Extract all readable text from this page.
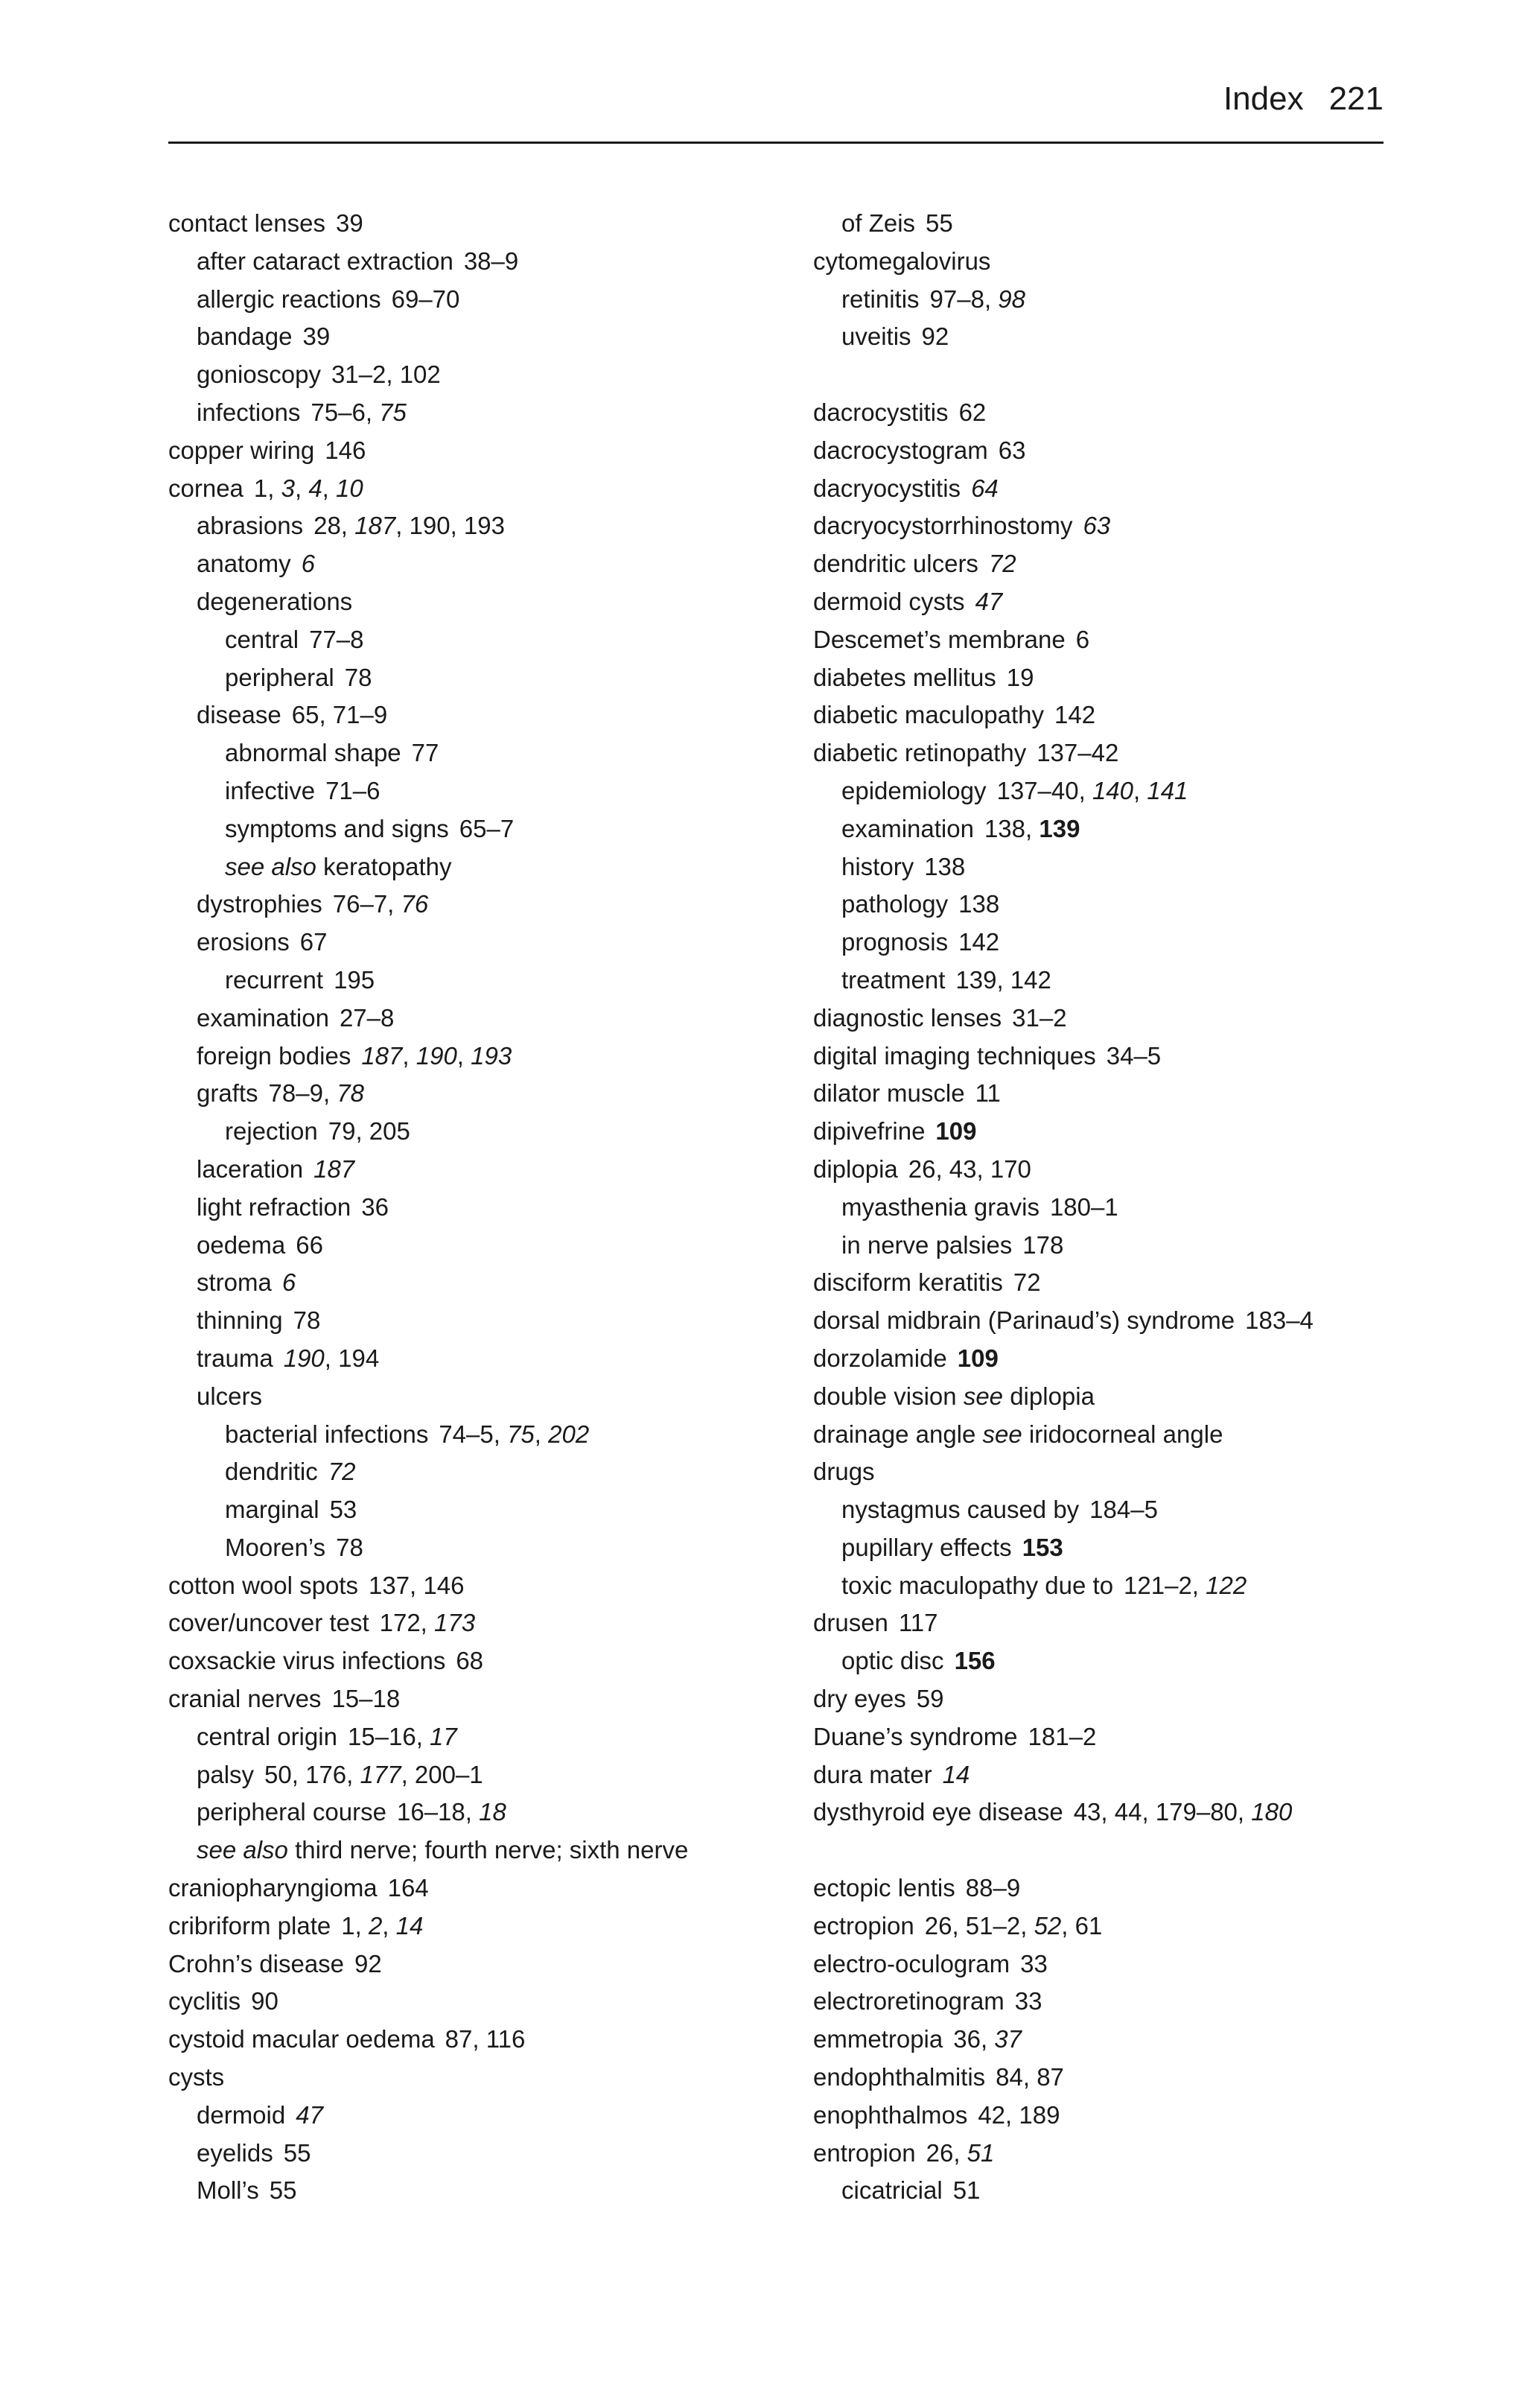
Index 221
contact lenses 39
after cataract extraction 38–9
allergic reactions 69–70
bandage 39
gonioscopy 31–2, 102
infections 75–6, 75
copper wiring 146
cornea 1, 3, 4, 10
abrasions 28, 187, 190, 193
anatomy 6
degenerations
central 77–8
peripheral 78
disease 65, 71–9
abnormal shape 77
infective 71–6
symptoms and signs 65–7
see also keratopathy
dystrophies 76–7, 76
erosions 67
recurrent 195
examination 27–8
foreign bodies 187, 190, 193
grafts 78–9, 78
rejection 79, 205
laceration 187
light refraction 36
oedema 66
stroma 6
thinning 78
trauma 190, 194
ulcers
bacterial infections 74–5, 75, 202
dendritic 72
marginal 53
Mooren’s 78
cotton wool spots 137, 146
cover/uncover test 172, 173
coxsackie virus infections 68
cranial nerves 15–18
central origin 15–16, 17
palsy 50, 176, 177, 200–1
peripheral course 16–18, 18
see also third nerve; fourth nerve; sixth nerve
craniopharyngioma 164
cribriform plate 1, 2, 14
Crohn’s disease 92
cyclitis 90
cystoid macular oedema 87, 116
cysts
dermoid 47
eyelids 55
Moll’s 55
of Zeis 55
cytomegalovirus
retinitis 97–8, 98
uveitis 92
dacrocystitis 62
dacrocystogram 63
dacryocystitis 64
dacryocystorrhinostomy 63
dendritic ulcers 72
dermoid cysts 47
Descemet’s membrane 6
diabetes mellitus 19
diabetic maculopathy 142
diabetic retinopathy 137–42
epidemiology 137–40, 140, 141
examination 138, 139
history 138
pathology 138
prognosis 142
treatment 139, 142
diagnostic lenses 31–2
digital imaging techniques 34–5
dilator muscle 11
dipivefrine 109
diplopia 26, 43, 170
myasthenia gravis 180–1
in nerve palsies 178
disciform keratitis 72
dorsal midbrain (Parinaud’s) syndrome 183–4
dorzolamide 109
double vision see diplopia
drainage angle see iridocorneal angle
drugs
nystagmus caused by 184–5
pupillary effects 153
toxic maculopathy due to 121–2, 122
drusen 117
optic disc 156
dry eyes 59
Duane’s syndrome 181–2
dura mater 14
dysthyroid eye disease 43, 44, 179–80, 180
ectopic lentis 88–9
ectropion 26, 51–2, 52, 61
electro-oculogram 33
electroretinogram 33
emmetropia 36, 37
endophthalmitis 84, 87
enophthalmos 42, 189
entropion 26, 51
cicatricial 51
